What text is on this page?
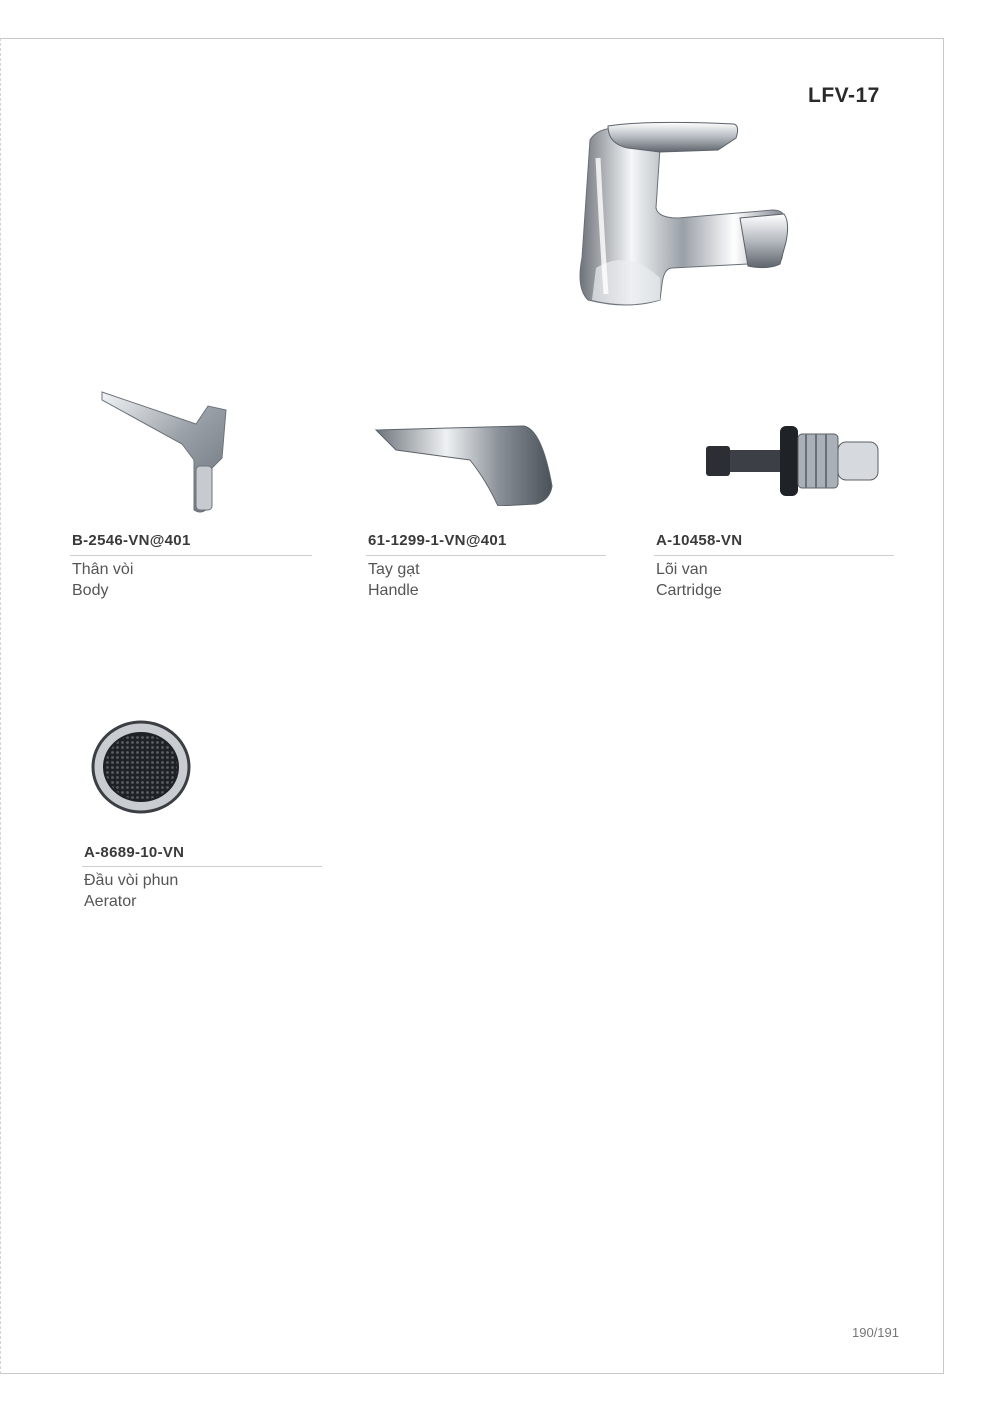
LFV-17
B-2546-VN@401
Thân vòi
Body
61-1299-1-VN@401
Tay gạt
Handle
A-10458-VN
Lõi van
Cartridge
A-8689-10-VN
Đầu vòi phun
Aerator
190/191
